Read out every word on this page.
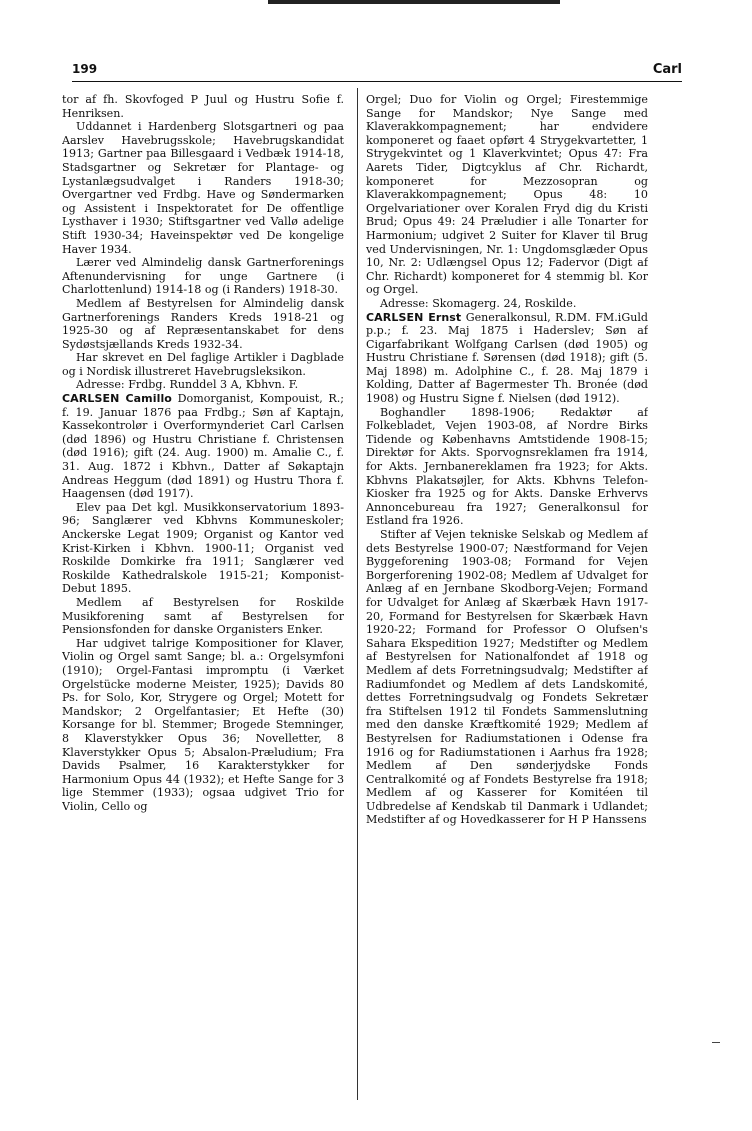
199	Carl

tor af fh. Skovfoged P Juul og Hustru Sofie f. Henriksen.

Uddannet i Hardenberg Slotsgartneri og paa Aarslev Havebrugsskole; Havebrugskandidat 1913; Gartner paa Billesgaard i Vedbæk 1914-18, Stadsgartner og Sekretær for Plantage- og Lystanlægsudvalget i Randers 1918-30; Overgartner ved Frdbg. Have og Søndermarken og Assistent i Inspektoratet for De offentlige Lysthaver i 1930; Stiftsgartner ved Vallø adelige Stift 1930-34; Haveinspektør ved De kongelige Haver 1934.

Lærer ved Almindelig dansk Gartnerforenings Aftenundervisning for unge Gartnere (i Charlottenlund) 1914-18 og (i Randers) 1918-30.

Medlem af Bestyrelsen for Almindelig dansk Gartnerforenings Randers Kreds 1918-21 og 1925-30 og af Repræsentanskabet for dens Sydøstsjællands Kreds 1932-34.

Har skrevet en Del faglige Artikler i Dagblade og i Nordisk illustreret Havebrugsleksikon.

Adresse: Frdbg. Runddel 3 A, Kbhvn. F.

CARLSEN Camillo Domorganist, Kompouist, R.; f. 19. Januar 1876 paa Frdbg.; Søn af Kaptajn, Kassekontrolør i Overformynderiet Carl Carlsen (død 1896) og Hustru Christiane f. Christensen (død 1916); gift (24. Aug. 1900) m. Amalie C., f. 31. Aug. 1872 i Kbhvn., Datter af Søkaptajn Andreas Heggum (død 1891) og Hustru Thora f. Haagensen (død 1917).

Elev paa Det kgl. Musikkonservatorium 1893-96; Sanglærer ved Kbhvns Kommuneskoler; Anckerske Legat 1909; Organist og Kantor ved Krist-Kirken i Kbhvn. 1900-11; Organist ved Roskilde Domkirke fra 1911; Sanglærer ved Roskilde Kathedralskole 1915-21; Komponist-Debut 1895.

Medlem af Bestyrelsen for Roskilde Musikforening samt af Bestyrelsen for Pensionsfonden for danske Organisters Enker.

Har udgivet talrige Kompositioner for Klaver, Violin og Orgel samt Sange; bl. a.: Orgelsymfoni (1910); Orgel-Fantasi impromptu (i Værket Orgelstücke moderne Meister, 1925); Davids 80 Ps. for Solo, Kor, Strygere og Orgel; Motett for Mandskor; 2 Orgelfantasier; Et Hefte (30) Korsange for bl. Stemmer; Brogede Stemninger, 8 Klaverstykker Opus 36; Novelletter, 8 Klaverstykker Opus 5; Absalon-Præludium; Fra Davids Psalmer, 16 Karakterstykker for Harmonium Opus 44 (1932); et Hefte Sange for 3 lige Stemmer (1933); ogsaa udgivet Trio for Violin, Cello og

Orgel; Duo for Violin og Orgel; Firestemmige Sange for Mandskor; Nye Sange med Klaverakkompagnement; har endvidere komponeret og faaet opført 4 Strygekvartetter, 1 Strygekvintet og 1 Klaverkvintet; Opus 47: Fra Aarets Tider, Digtcyklus af Chr. Richardt, komponeret for Mezzosopran og Klaverakkompagnement; Opus 48: 10 Orgelvariationer over Koralen Fryd dig du Kristi Brud; Opus 49: 24 Præludier i alle Tonarter for Harmonium; udgivet 2 Suiter for Klaver til Brug ved Undervisningen, Nr. 1: Ungdomsglæder Opus 10, Nr. 2: Udlængsel Opus 12; Fadervor (Digt af Chr. Richardt) komponeret for 4 stemmig bl. Kor og Orgel.

Adresse: Skomagerg. 24, Roskilde.

CARLSEN Ernst Generalkonsul, R.DM. FM.iGuld p.p.; f. 23. Maj 1875 i Haderslev; Søn af Cigarfabrikant Wolfgang Carlsen (død 1905) og Hustru Christiane f. Sørensen (død 1918); gift (5. Maj 1898) m. Adolphine C., f. 28. Maj 1879 i Kolding, Datter af Bagermester Th. Bronée (død 1908) og Hustru Signe f. Nielsen (død 1912).

Boghandler 1898-1906; Redaktør af Folkebladet, Vejen 1903-08, af Nordre Birks Tidende og Københavns Amtstidende 1908-15; Direktør for Akts. Sporvognsreklamen fra 1914, for Akts. Jernbanereklamen fra 1923; for Akts. Kbhvns Plakatsøjler, for Akts. Kbhvns Telefon-Kiosker fra 1925 og for Akts. Danske Erhvervs Annoncebureau fra 1927; Generalkonsul for Estland fra 1926.

Stifter af Vejen tekniske Selskab og Medlem af dets Bestyrelse 1900-07; Næstformand for Vejen Byggeforening 1903-08; Formand for Vejen Borgerforening 1902-08; Medlem af Udvalget for Anlæg af en Jernbane Skodborg-Vejen; Formand for Udvalget for Anlæg af Skærbæk Havn 1917-20, Formand for Bestyrelsen for Skærbæk Havn 1920-22; Formand for Professor O Olufsen's Sahara Ekspedition 1927; Medstifter og Medlem af Bestyrelsen for Nationalfondet af 1918 og Medlem af dets Forretningsudvalg; Medstifter af Radiumfondet og Medlem af dets Landskomité, dettes Forretningsudvalg og Fondets Sekretær fra Stiftelsen 1912 til Fondets Sammenslutning med den danske Kræftkomité 1929; Medlem af Bestyrelsen for Radiumstationen i Odense fra 1916 og for Radiumstationen i Aarhus fra 1928; Medlem af Den sønderjydske Fonds Centralkomité og af Fondets Bestyrelse fra 1918; Medlem af og Kasserer for Komitéen til Udbredelse af Kendskab til Danmark i Udlandet; Medstifter af og Hovedkasserer for H P Hanssens
